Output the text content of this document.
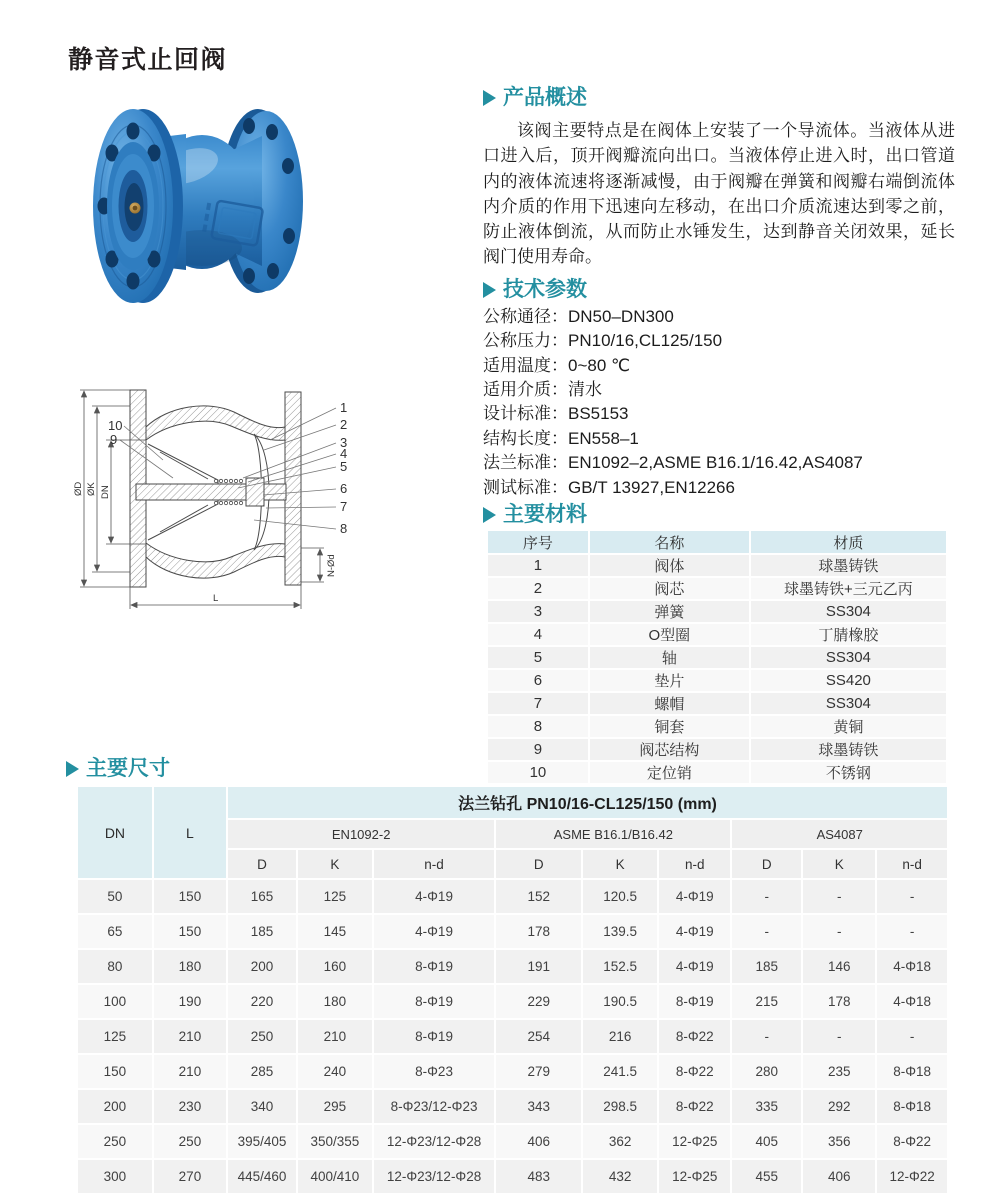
静音式止回阀
产品概述

该阀主要特点是在阀体上安装了一个导流体。当液体从进口进入后，顶开阀瓣流向出口。当液体停止进入时，出口管道内的液体流速将逐渐减慢，由于阀瓣在弹簧和阀瓣右端倒流体内介质的作用下迅速向左移动，在出口介质流速达到零之前，防止液体倒流，从而防止水锤发生，达到静音关闭效果，延长阀门使用寿命。

技术参数
公称通径：DN50–DN300
公称压力：PN10/16,CL125/150
适用温度：0~80 ℃
适用介质：清水
设计标准：BS5153
结构长度：EN558–1
法兰标准：EN1092–2,ASME B16.1/16.42,AS4087
测试标准：GB/T 13927,EN12266
主要材料
序号	名称	材质
1	阀体	球墨铸铁
2	阀芯	球墨铸铁+三元乙丙
3	弹簧	SS304
4	O型圈	丁腈橡胶
5	轴	SS304
6	垫片	SS420
7	螺帽	SS304
8	铜套	黄铜
9	阀芯结构	球墨铸铁
10	定位销	不锈钢
1
2
3
4
5
6
7
8
9
10
ØD ØK DN
L
N-Ød
主要尺寸
DN	L	法兰钻孔 PN10/16-CL125/150 (mm)								
		EN1092-2			ASME B16.1/B16.42			AS4087		
		D	K	n-d	D	K	n-d	D	K	n-d
50	150	165	125	4-Φ19	152	120.5	4-Φ19	-	-	-
65	150	185	145	4-Φ19	178	139.5	4-Φ19	-	-	-
80	180	200	160	8-Φ19	191	152.5	4-Φ19	185	146	4-Φ18
100	190	220	180	8-Φ19	229	190.5	8-Φ19	215	178	4-Φ18
125	210	250	210	8-Φ19	254	216	8-Φ22	-	-	-
150	210	285	240	8-Φ23	279	241.5	8-Φ22	280	235	8-Φ18
200	230	340	295	8-Φ23/12-Φ23	343	298.5	8-Φ22	335	292	8-Φ18
250	250	395/405	350/355	12-Φ23/12-Φ28	406	362	12-Φ25	405	356	8-Φ22
300	270	445/460	400/410	12-Φ23/12-Φ28	483	432	12-Φ25	455	406	12-Φ22
